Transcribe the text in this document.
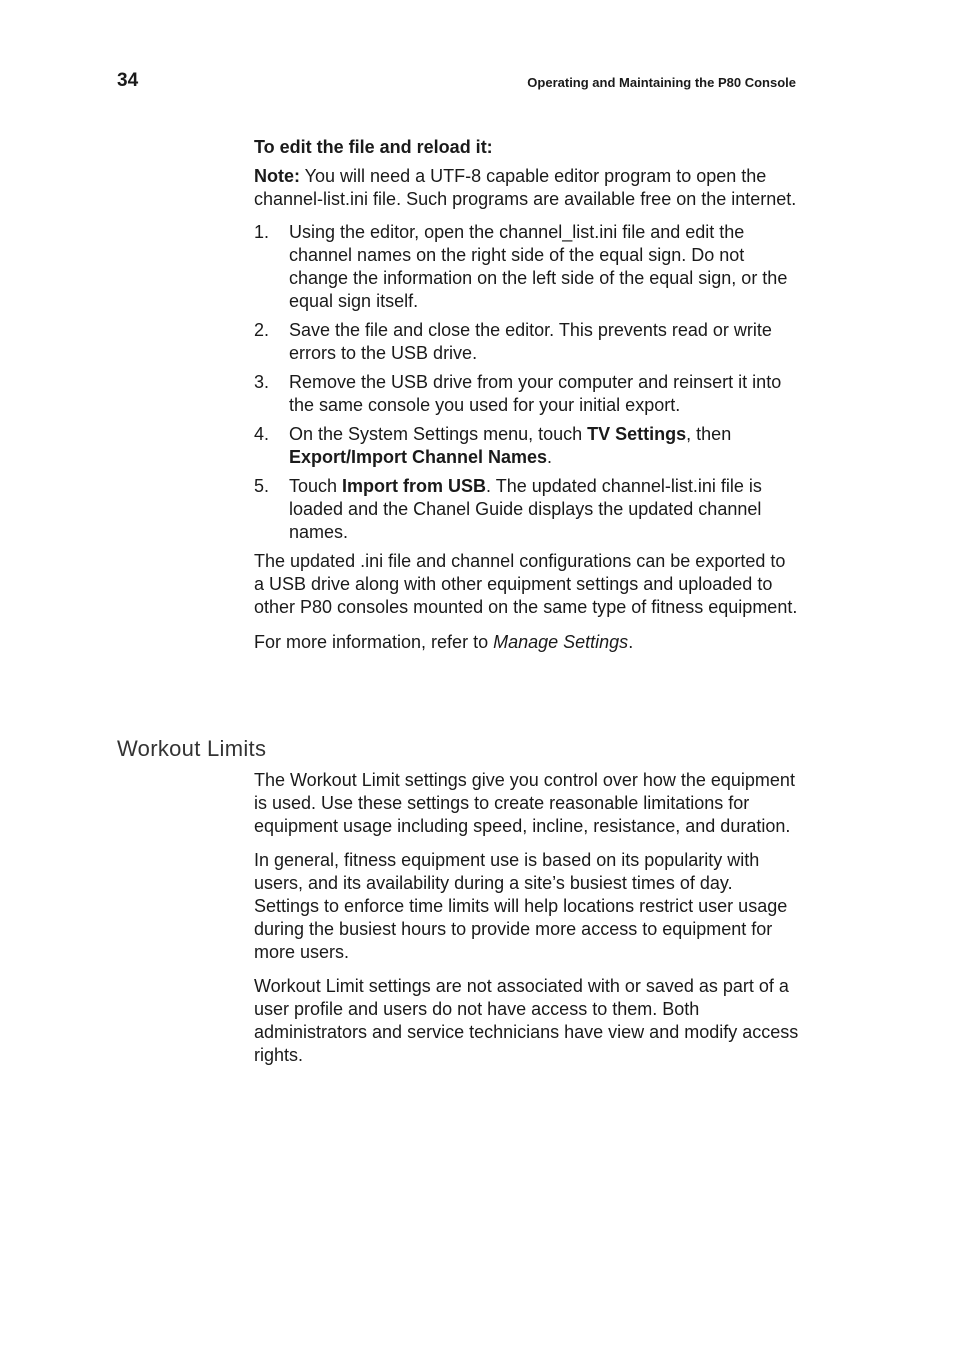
34	Operating and Maintaining the P80 Console

To edit the file and reload it:

Note: You will need a UTF-8 capable editor program to open the channel-list.ini file. Such programs are available free on the internet.

1. Using the editor, open the channel_list.ini file and edit the channel names on the right side of the equal sign. Do not change the information on the left side of the equal sign, or the equal sign itself.
2. Save the file and close the editor. This prevents read or write errors to the USB drive.
3. Remove the USB drive from your computer and reinsert it into the same console you used for your initial export.
4. On the System Settings menu, touch TV Settings, then Export/Import Channel Names.
5. Touch Import from USB. The updated channel-list.ini file is loaded and the Chanel Guide displays the updated channel names.

The updated .ini file and channel configurations can be exported to a USB drive along with other equipment settings and uploaded to other P80 consoles mounted on the same type of fitness equipment.

For more information, refer to Manage Settings.

Workout Limits

The Workout Limit settings give you control over how the equipment is used. Use these settings to create reasonable limitations for equipment usage including speed, incline, resistance, and duration.

In general, fitness equipment use is based on its popularity with users, and its availability during a site’s busiest times of day. Settings to enforce time limits will help locations restrict user usage during the busiest hours to provide more access to equipment for more users.

Workout Limit settings are not associated with or saved as part of a user profile and users do not have access to them. Both administrators and service technicians have view and modify access rights.
